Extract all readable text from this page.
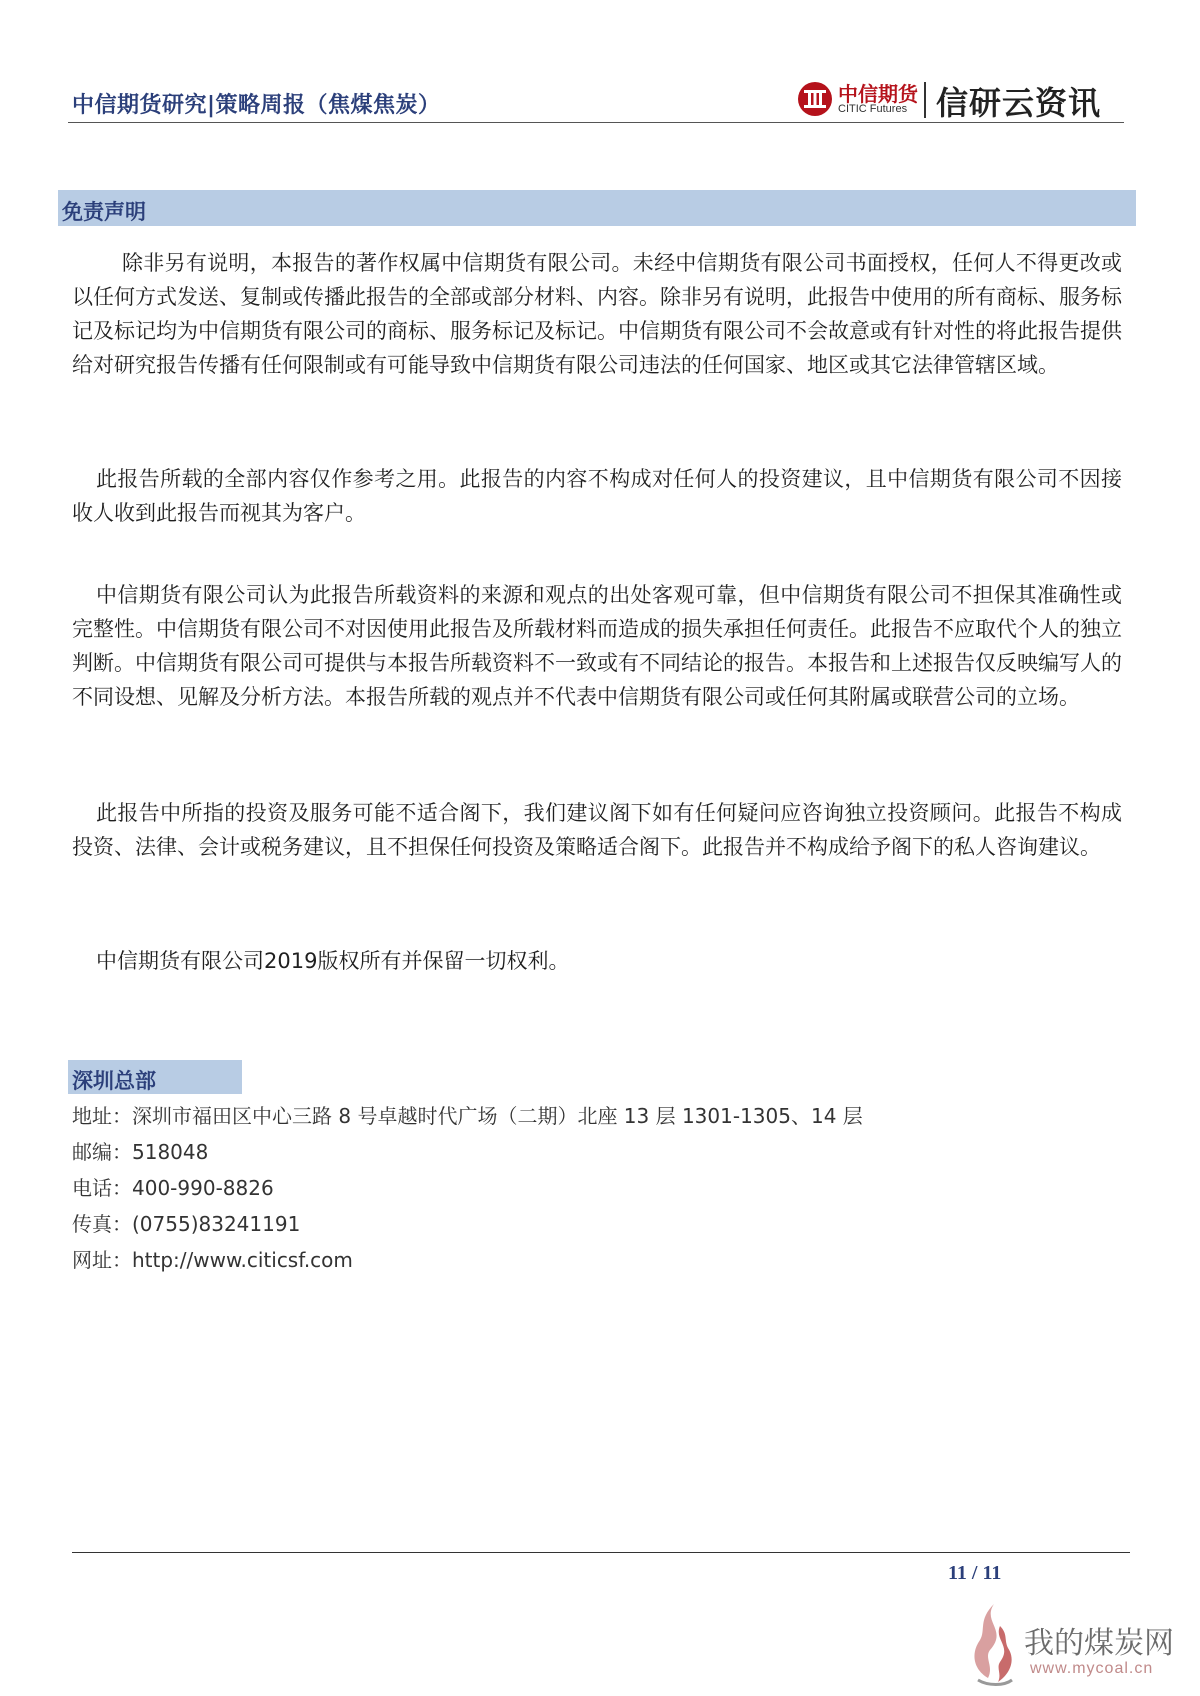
中信期货研究|策略周报（焦煤焦炭）	中信期货
CITIC Futures 信研云资讯
免责声明

除非另有说明，本报告的著作权属中信期货有限公司。未经中信期货有限公司书面授权，任何人不得更改或以任何方式发送、复制或传播此报告的全部或部分材料、内容。除非另有说明，此报告中使用的所有商标、服务标记及标记均为中信期货有限公司的商标、服务标记及标记。中信期货有限公司不会故意或有针对性的将此报告提供给对研究报告传播有任何限制或有可能导致中信期货有限公司违法的任何国家、地区或其它法律管辖区域。

此报告所载的全部内容仅作参考之用。此报告的内容不构成对任何人的投资建议，且中信期货有限公司不因接收人收到此报告而视其为客户。

中信期货有限公司认为此报告所载资料的来源和观点的出处客观可靠，但中信期货有限公司不担保其准确性或完整性。中信期货有限公司不对因使用此报告及所载材料而造成的损失承担任何责任。此报告不应取代个人的独立判断。中信期货有限公司可提供与本报告所载资料不一致或有不同结论的报告。本报告和上述报告仅反映编写人的不同设想、见解及分析方法。本报告所载的观点并不代表中信期货有限公司或任何其附属或联营公司的立场。

此报告中所指的投资及服务可能不适合阁下，我们建议阁下如有任何疑问应咨询独立投资顾问。此报告不构成投资、法律、会计或税务建议，且不担保任何投资及策略适合阁下。此报告并不构成给予阁下的私人咨询建议。

中信期货有限公司2019版权所有并保留一切权利。

深圳总部
地址：深圳市福田区中心三路 8 号卓越时代广场（二期）北座 13 层 1301-1305、14 层
邮编：518048
电话：400-990-8826
传真：(0755)83241191
网址：http://www.citicsf.com
11 / 11
我的煤炭网
www.mycoal.cn
